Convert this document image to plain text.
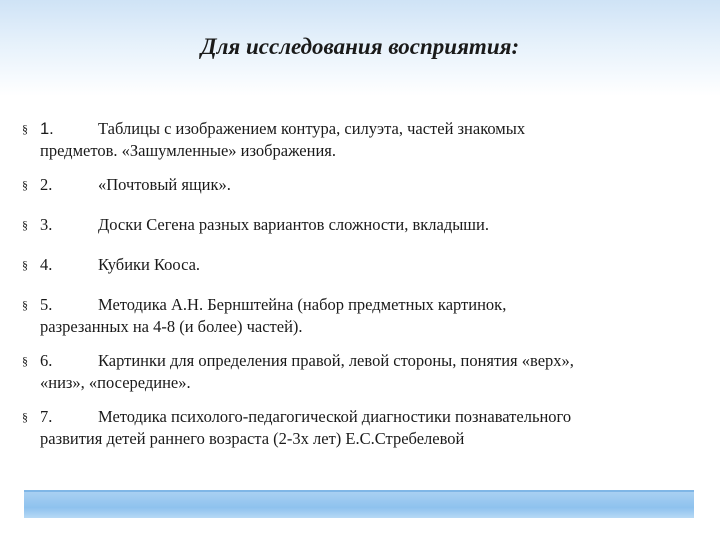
Для исследования восприятия:
§ 1.	Таблицы с изображением контура, силуэта, частей знакомых
предметов. «Зашумленные» изображения.
§ 2.	«Почтовый ящик».
§ 3.	Доски Сегена разных вариантов сложности, вкладыши.
§ 4.	Кубики Кооса.
§ 5.	Методика А.Н. Бернштейна (набор предметных картинок,
разрезанных на 4-8 (и более) частей).
§ 6.	Картинки для определения правой, левой стороны, понятия «верх»,
«низ», «посередине».
§ 7.	Методика психолого-педагогической диагностики познавательного
развития детей раннего возраста (2-3х лет) Е.С.Стребелевой
